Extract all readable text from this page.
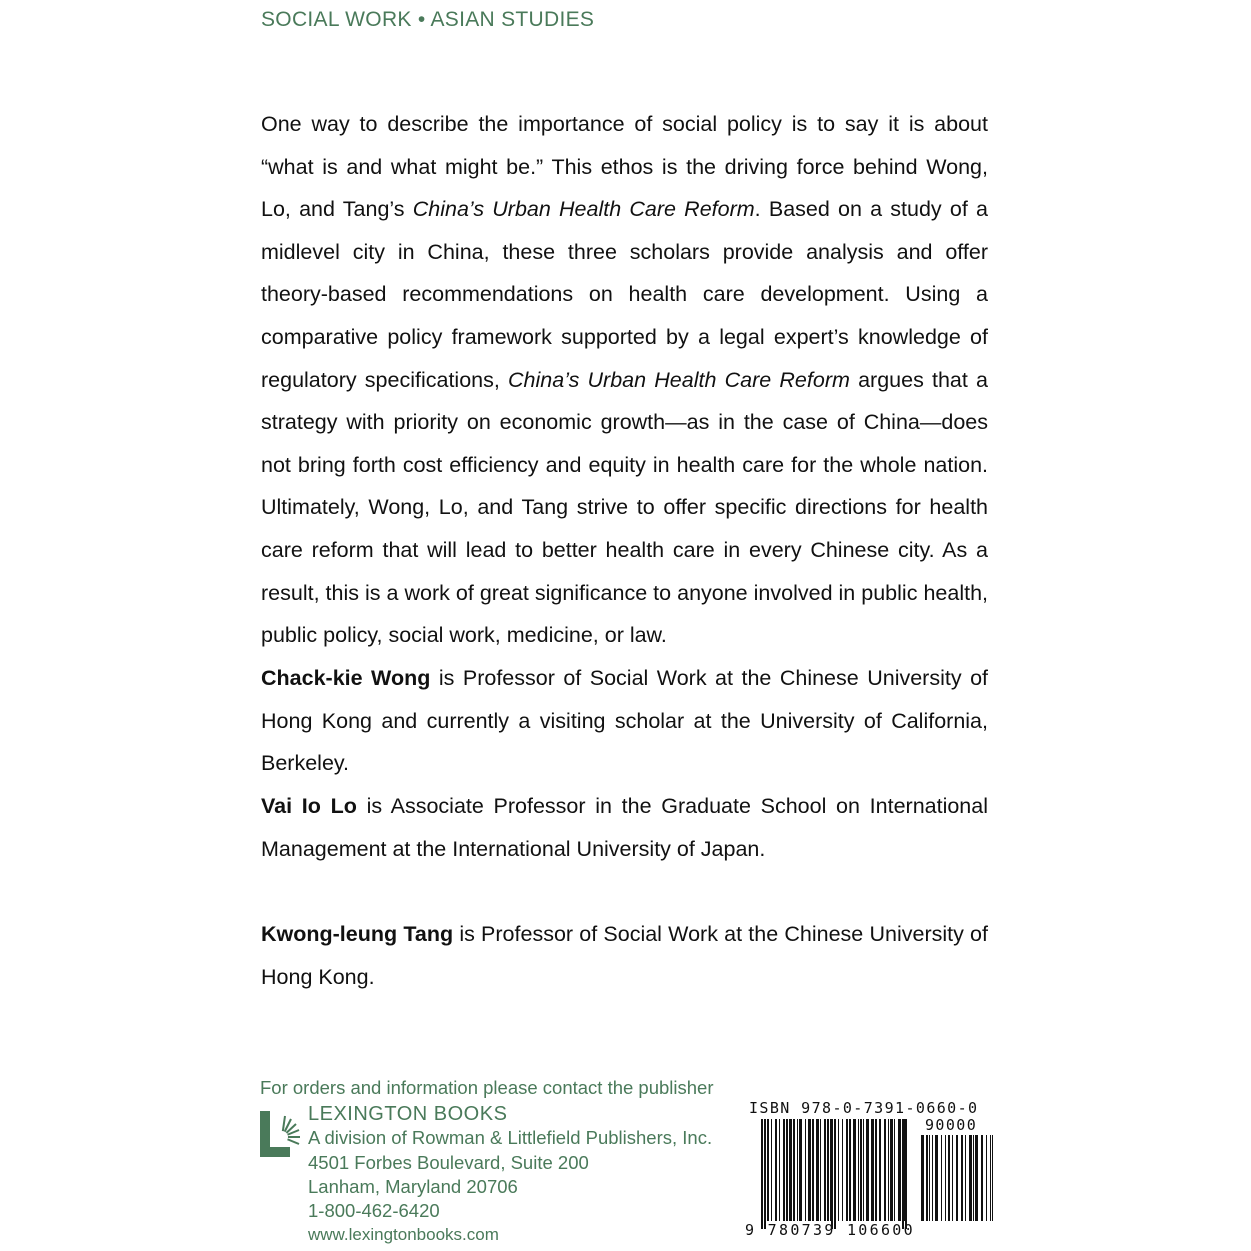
SOCIAL WORK • ASIAN STUDIES

One way to describe the importance of social policy is to say it is about “what is and what might be.” This ethos is the driving force behind Wong, Lo, and Tang’s China’s Urban Health Care Reform. Based on a study of a midlevel city in China, these three scholars provide analysis and offer theory-based recommendations on health care development. Using a comparative policy framework supported by a legal expert’s knowledge of regulatory specifications, China’s Urban Health Care Reform argues that a strategy with priority on economic growth—as in the case of China—does not bring forth cost efficiency and equity in health care for the whole nation. Ultimately, Wong, Lo, and Tang strive to offer specific directions for health care reform that will lead to better health care in every Chinese city. As a result, this is a work of great significance to anyone involved in public health, public policy, social work, medicine, or law.

Chack-kie Wong is Professor of Social Work at the Chinese University of Hong Kong and currently a visiting scholar at the University of California, Berkeley.

Vai Io Lo is Associate Professor in the Graduate School on International Management at the International University of Japan.

Kwong-leung Tang is Professor of Social Work at the Chinese University of Hong Kong.

For orders and information please contact the publisher

LEXINGTON BOOKS
A division of Rowman & Littlefield Publishers, Inc.
4501 Forbes Boulevard, Suite 200
Lanham, Maryland 20706
1-800-462-6420
www.lexingtonbooks.com
ISBN 978-0-7391-0660-0
90000
9 780739 106600
